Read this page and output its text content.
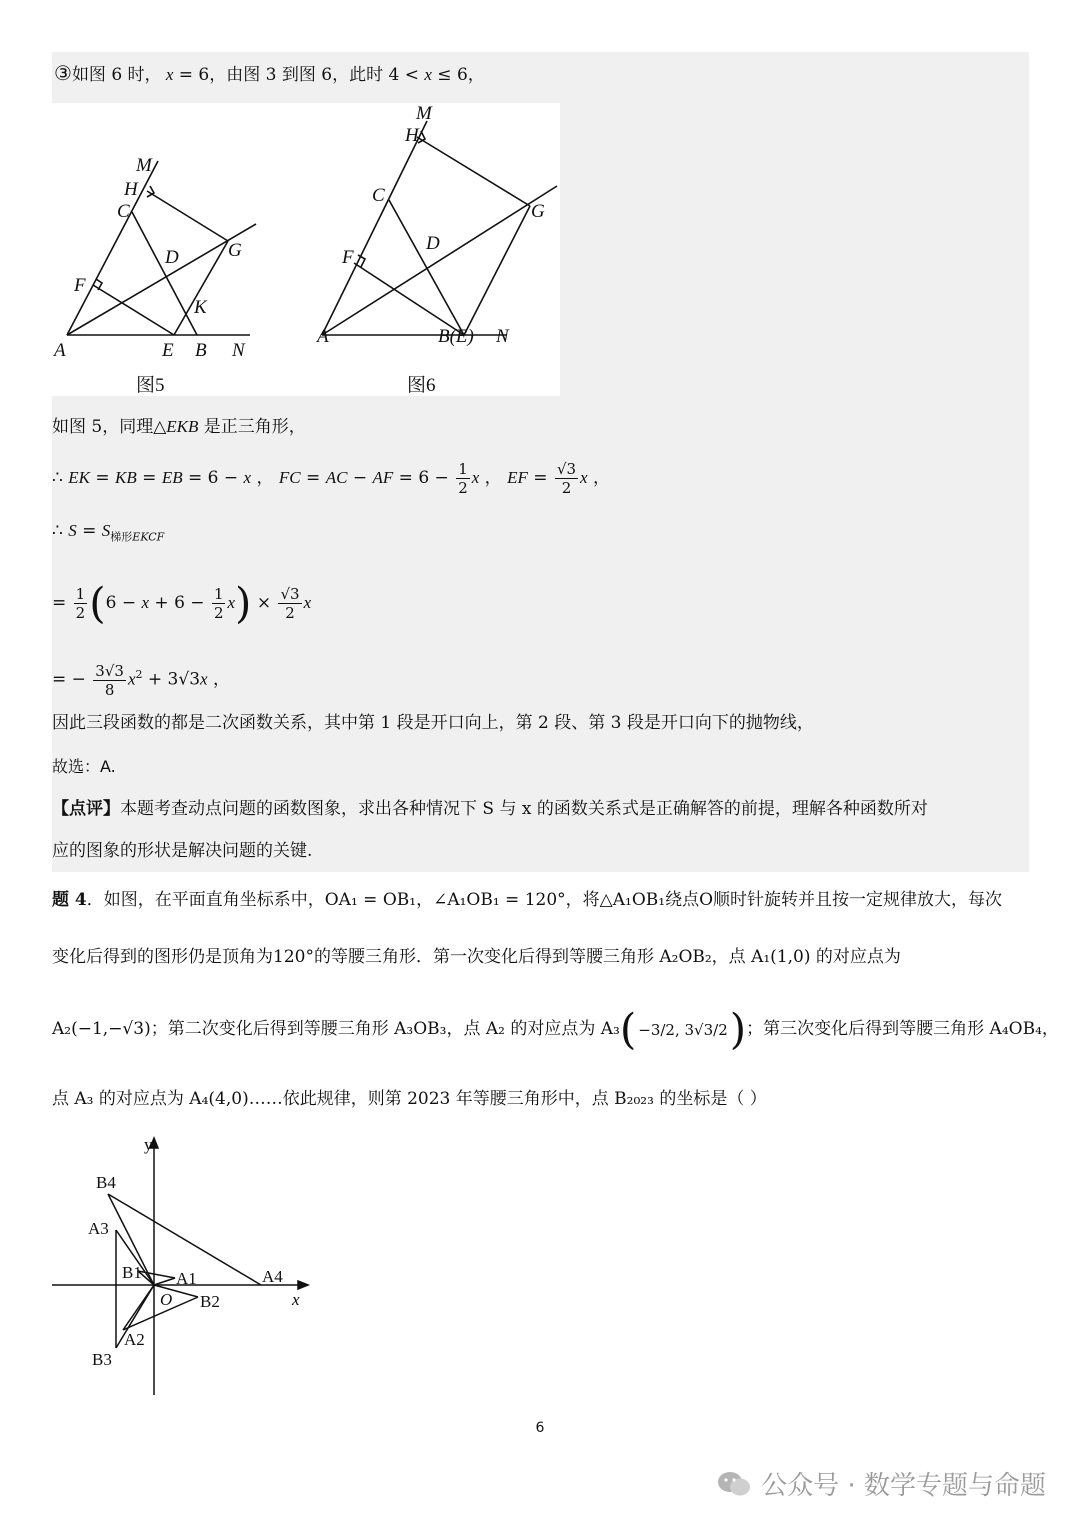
③如图 6 时， x = 6，由图 3 到图 6，此时 4 < x ≤ 6，
M
H
C
D	G
F
K
A	E B N
M
H
C
G
F
D
A	B(E) N
图5	图6
如图 5，同理△EKB 是正三角形，
∴ EK = KB = EB = 6 − x ， FC = AC − AF = $6 - \frac{1}{2}$ x ， EF = $\frac{√3}{2}$ x ，
∴ $S = S_{梯形EKCF}$
= $\frac{1}{2} (6 - x + 6 - \frac{1}{2} x) \times \frac{√3}{2}$ x
= − $\frac{3√3}{8} x^2 + 3√3x$ ，
因此三段函数的都是二次函数关系，其中第 1 段是开口向上，第 2 段、第 3 段是开口向下的抛物线，
故选：A.
【点评】本题考查动点问题的函数图象，求出各种情况下 S 与 x 的函数关系式是正确解答的前提，理解各种函数所对
应的图象的形状是解决问题的关键.
题 4．如图，在平面直角坐标系中，OA₁ = OB₁，∠A₁OB₁ = 120°，将△A₁OB₁绕点O顺时针旋转并且按一定规律放大，每次
变化后得到的图形仍是顶角为120°的等腰三角形．第一次变化后得到等腰三角形 A₂OB₂，点 A₁(1,0) 的对应点为
A₂(−1,−√3)；第二次变化后得到等腰三角形 A₃OB₃，点 A₂ 的对应点为 A₃( −3/2, 3√3/2 )；第三次变化后得到等腰三角形 A₄OB₄，
点 A₃ 的对应点为 A₄(4,0)……依此规律，则第 2023 年等腰三角形中，点 B₂₀₂₃ 的坐标是（ ）
y
B4
A3
B1 A1	A4
O B2	x
A2
B3
6
公众号 · 数学专题与命题
